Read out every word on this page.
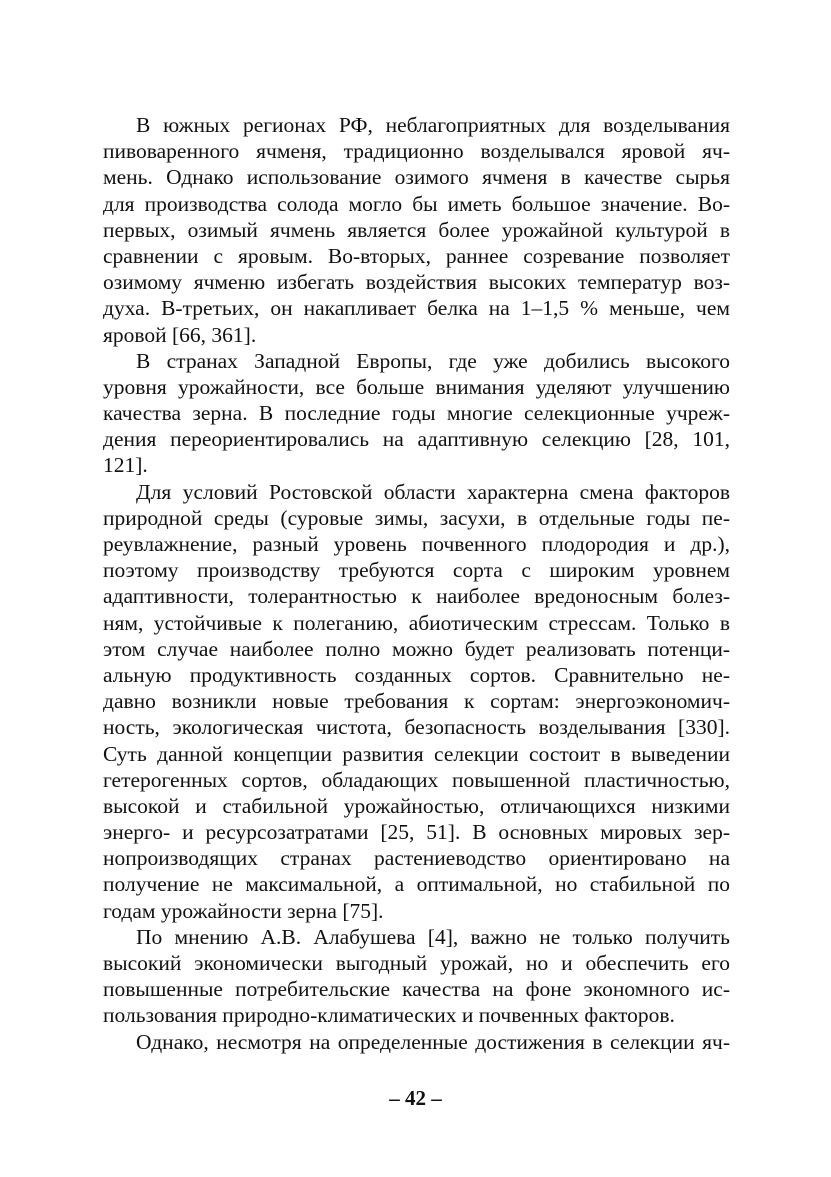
В южных регионах РФ, неблагоприятных для возделывания
пивоваренного ячменя, традиционно возделывался яровой яч-
мень. Однако использование озимого ячменя в качестве сырья
для производства солода могло бы иметь большое значение. Во-
первых, озимый ячмень является более урожайной культурой в
сравнении с яровым. Во-вторых, раннее созревание позволяет
озимому ячменю избегать воздействия высоких температур воз-
духа. В-третьих, он накапливает белка на 1–1,5 % меньше, чем
яровой [66, 361].

В странах Западной Европы, где уже добились высокого
уровня урожайности, все больше внимания уделяют улучшению
качества зерна. В последние годы многие селекционные учреж-
дения переориентировались на адаптивную селекцию [28, 101,
121].

Для условий Ростовской области характерна смена факторов
природной среды (суровые зимы, засухи, в отдельные годы пе-
реувлажнение, разный уровень почвенного плодородия и др.),
поэтому производству требуются сорта с широким уровнем
адаптивности, толерантностью к наиболее вредоносным болез-
ням, устойчивые к полеганию, абиотическим стрессам. Только в
этом случае наиболее полно можно будет реализовать потенци-
альную продуктивность созданных сортов. Сравнительно не-
давно возникли новые требования к сортам: энергоэкономич-
ность, экологическая чистота, безопасность возделывания [330].
Суть данной концепции развития селекции состоит в выведении
гетерогенных сортов, обладающих повышенной пластичностью,
высокой и стабильной урожайностью, отличающихся низкими
энерго- и ресурсозатратами [25, 51]. В основных мировых зер-
нопроизводящих странах растениеводство ориентировано на
получение не максимальной, а оптимальной, но стабильной по
годам урожайности зерна [75].

По мнению А.В. Алабушева [4], важно не только получить
высокий экономически выгодный урожай, но и обеспечить его
повышенные потребительские качества на фоне экономного ис-
пользования природно-климатических и почвенных факторов.

Однако, несмотря на определенные достижения в селекции яч-

– 42 –
